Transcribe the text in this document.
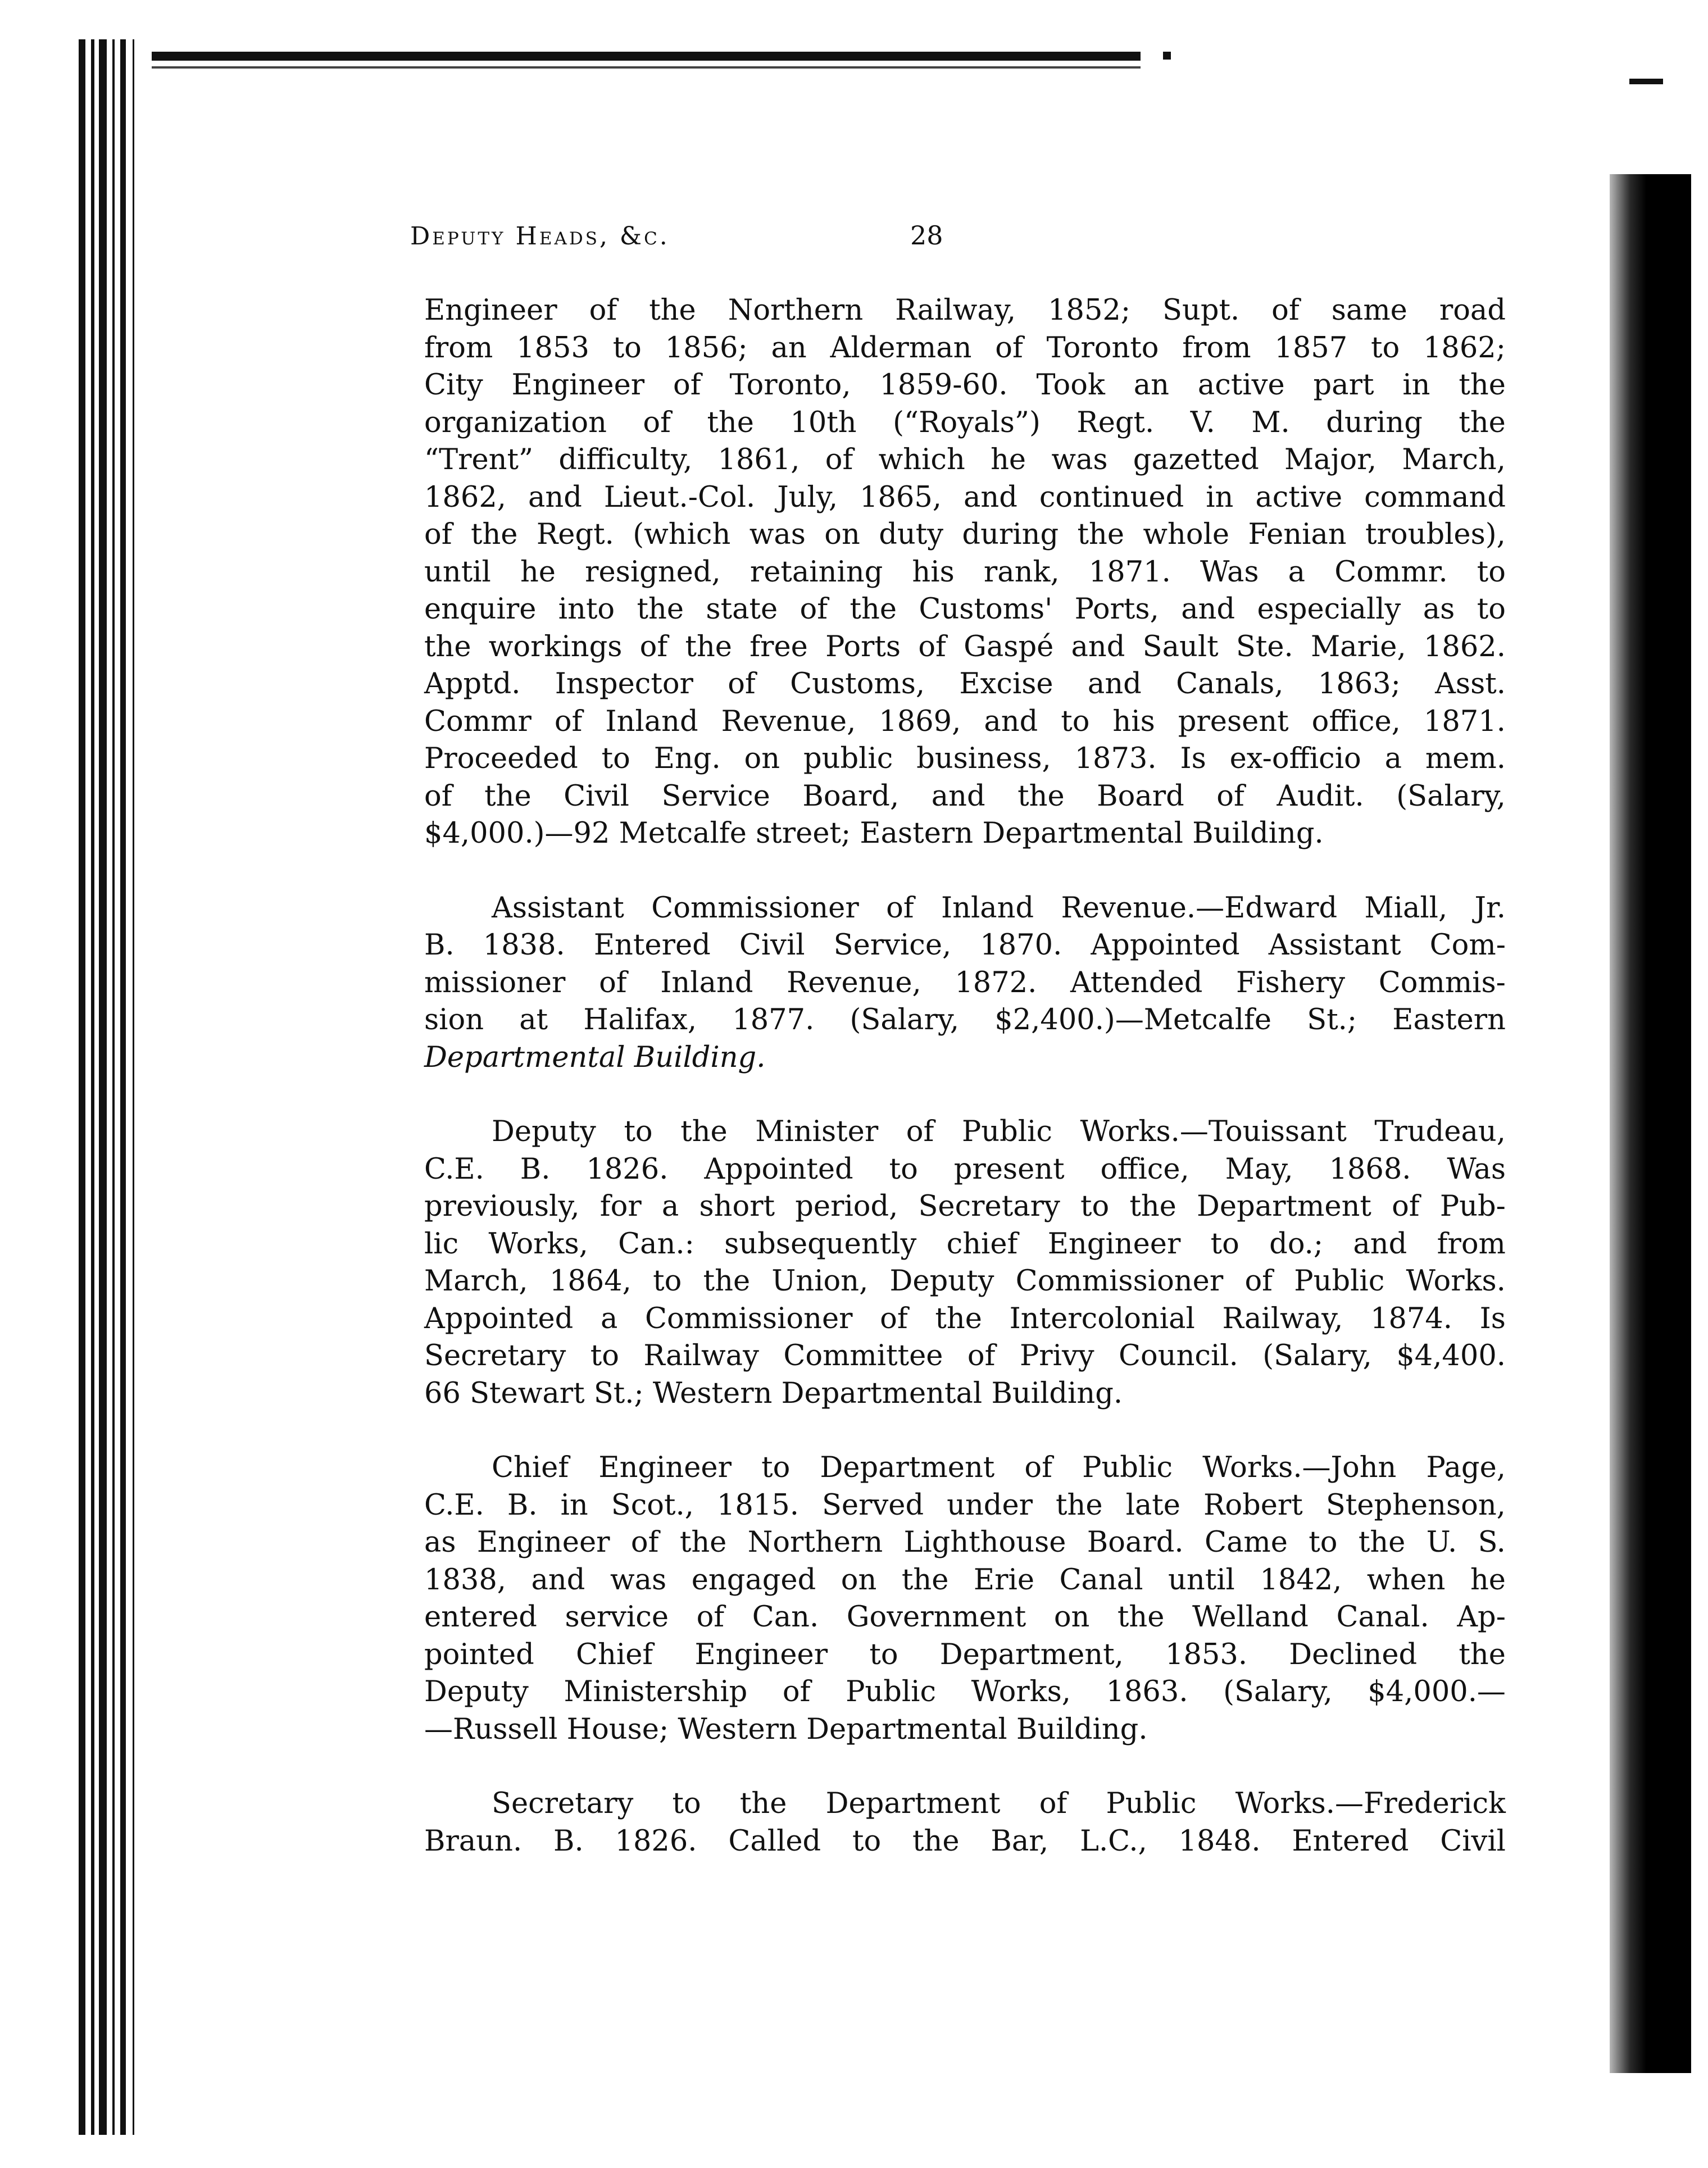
Deputy Heads, &c.	28
Engineer of the Northern Railway, 1852; Supt. of same road
from 1853 to 1856; an Alderman of Toronto from 1857 to 1862;
City Engineer of Toronto, 1859-60. Took an active part in the
organization of the 10th (“Royals”) Regt. V. M. during the
“Trent” difficulty, 1861, of which he was gazetted Major, March,
1862, and Lieut.-Col. July, 1865, and continued in active command
of the Regt. (which was on duty during the whole Fenian troubles),
until he resigned, retaining his rank, 1871. Was a Commr. to
enquire into the state of the Customs' Ports, and especially as to
the workings of the free Ports of Gaspé and Sault Ste. Marie, 1862.
Apptd. Inspector of Customs, Excise and Canals, 1863; Asst.
Commr of Inland Revenue, 1869, and to his present office, 1871.
Proceeded to Eng. on public business, 1873. Is ex-officio a mem.
of the Civil Service Board, and the Board of Audit. (Salary,
$4,000.)—92 Metcalfe street; Eastern Departmental Building.
Assistant Commissioner of Inland Revenue.—Edward Miall, Jr.
B. 1838. Entered Civil Service, 1870. Appointed Assistant Com-
missioner of Inland Revenue, 1872. Attended Fishery Commis-
sion at Halifax, 1877. (Salary, $2,400.)—Metcalfe St.; Eastern
Departmental Building.
Deputy to the Minister of Public Works.—Touissant Trudeau,
C.E. B. 1826. Appointed to present office, May, 1868. Was
previously, for a short period, Secretary to the Department of Pub-
lic Works, Can.: subsequently chief Engineer to do.; and from
March, 1864, to the Union, Deputy Commissioner of Public Works.
Appointed a Commissioner of the Intercolonial Railway, 1874. Is
Secretary to Railway Committee of Privy Council. (Salary, $4,400.
66 Stewart St.; Western Departmental Building.
Chief Engineer to Department of Public Works.—John Page,
C.E. B. in Scot., 1815. Served under the late Robert Stephenson,
as Engineer of the Northern Lighthouse Board. Came to the U. S.
1838, and was engaged on the Erie Canal until 1842, when he
entered service of Can. Government on the Welland Canal. Ap-
pointed Chief Engineer to Department, 1853. Declined the
Deputy Ministership of Public Works, 1863. (Salary, $4,000.—
—Russell House; Western Departmental Building.
Secretary to the Department of Public Works.—Frederick
Braun. B. 1826. Called to the Bar, L.C., 1848. Entered Civil
